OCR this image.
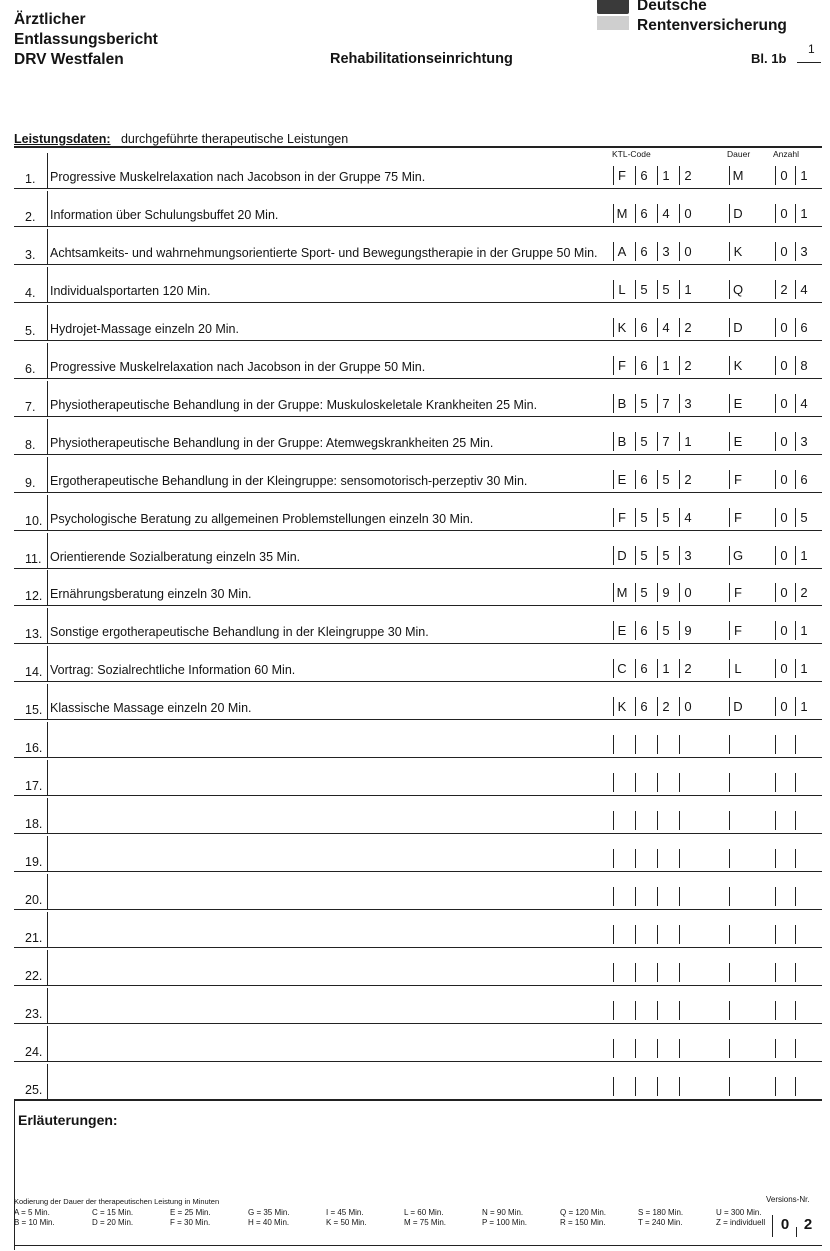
Ärztlicher
Entlassungsbericht
DRV Westfalen	Rehabilitationseinrichtung
Deutsche
Rentenversicherung
Bl. 1b
1
Leistungsdaten: durchgeführte therapeutische Leistungen
KTL-Code	Dauer	Anzahl
1. Progressive Muskelrelaxation nach Jacobson in der Gruppe 75 Min.	F	6	1	2	M	0 1
2. Information über Schulungsbuffet 20 Min.	M 6	4	0	D	0 1
3. Achtsamkeits- und wahrnehmungsorientierte Sport- und Bewegungstherapie in der Gruppe 50 Min.	A	6	3	0	K	0 3
4. Individualsportarten 120 Min.	L	5	5	1	Q	2 4
5. Hydrojet-Massage einzeln 20 Min.	K	6	4	2	D	0 6
6. Progressive Muskelrelaxation nach Jacobson in der Gruppe 50 Min.	F	6	1	2	K	0 8
7. Physiotherapeutische Behandlung in der Gruppe: Muskuloskeletale Krankheiten 25 Min.	B	5	7	3	E	0 4
8. Physiotherapeutische Behandlung in der Gruppe: Atemwegskrankheiten 25 Min.	B	5	7	1	E	0 3
9. Ergotherapeutische Behandlung in der Kleingruppe: sensomotorisch-perzeptiv 30 Min.	E	6	5	2	F	0 6
10. Psychologische Beratung zu allgemeinen Problemstellungen einzeln 30 Min.	F	5	5	4	F	0 5
11. Orientierende Sozialberatung einzeln 35 Min.	D	5	5	3	G	0 1
12. Ernährungsberatung einzeln 30 Min.	M 5	9	0	F	0 2
13. Sonstige ergotherapeutische Behandlung in der Kleingruppe 30 Min.	E	6	5	9	F	0 1
14. Vortrag: Sozialrechtliche Information 60 Min.	C	6	1	2	L	0 1
15. Klassische Massage einzeln 20 Min.	K	6	2	0	D	0 1
16.
17.
18.
19.
20.
21.
22.
23.
24.
25.
Erläuterungen:
Kodierung der Dauer der therapeutischen Leistung in Minuten
A = 5 Min.	C = 15 Min.	E = 25 Min.	G = 35 Min.	I = 45 Min.	L = 60 Min.	N = 90 Min.	Q = 120 Min.	S = 180 Min.	U = 300 Min.
B = 10 Min.	D = 20 Min.	F = 30 Min.	H = 40 Min.	K = 50 Min.	M = 75 Min.	P = 100 Min.	R = 150 Min.	T = 240 Min.	Z = individuell
Versions-Nr.
0 2
